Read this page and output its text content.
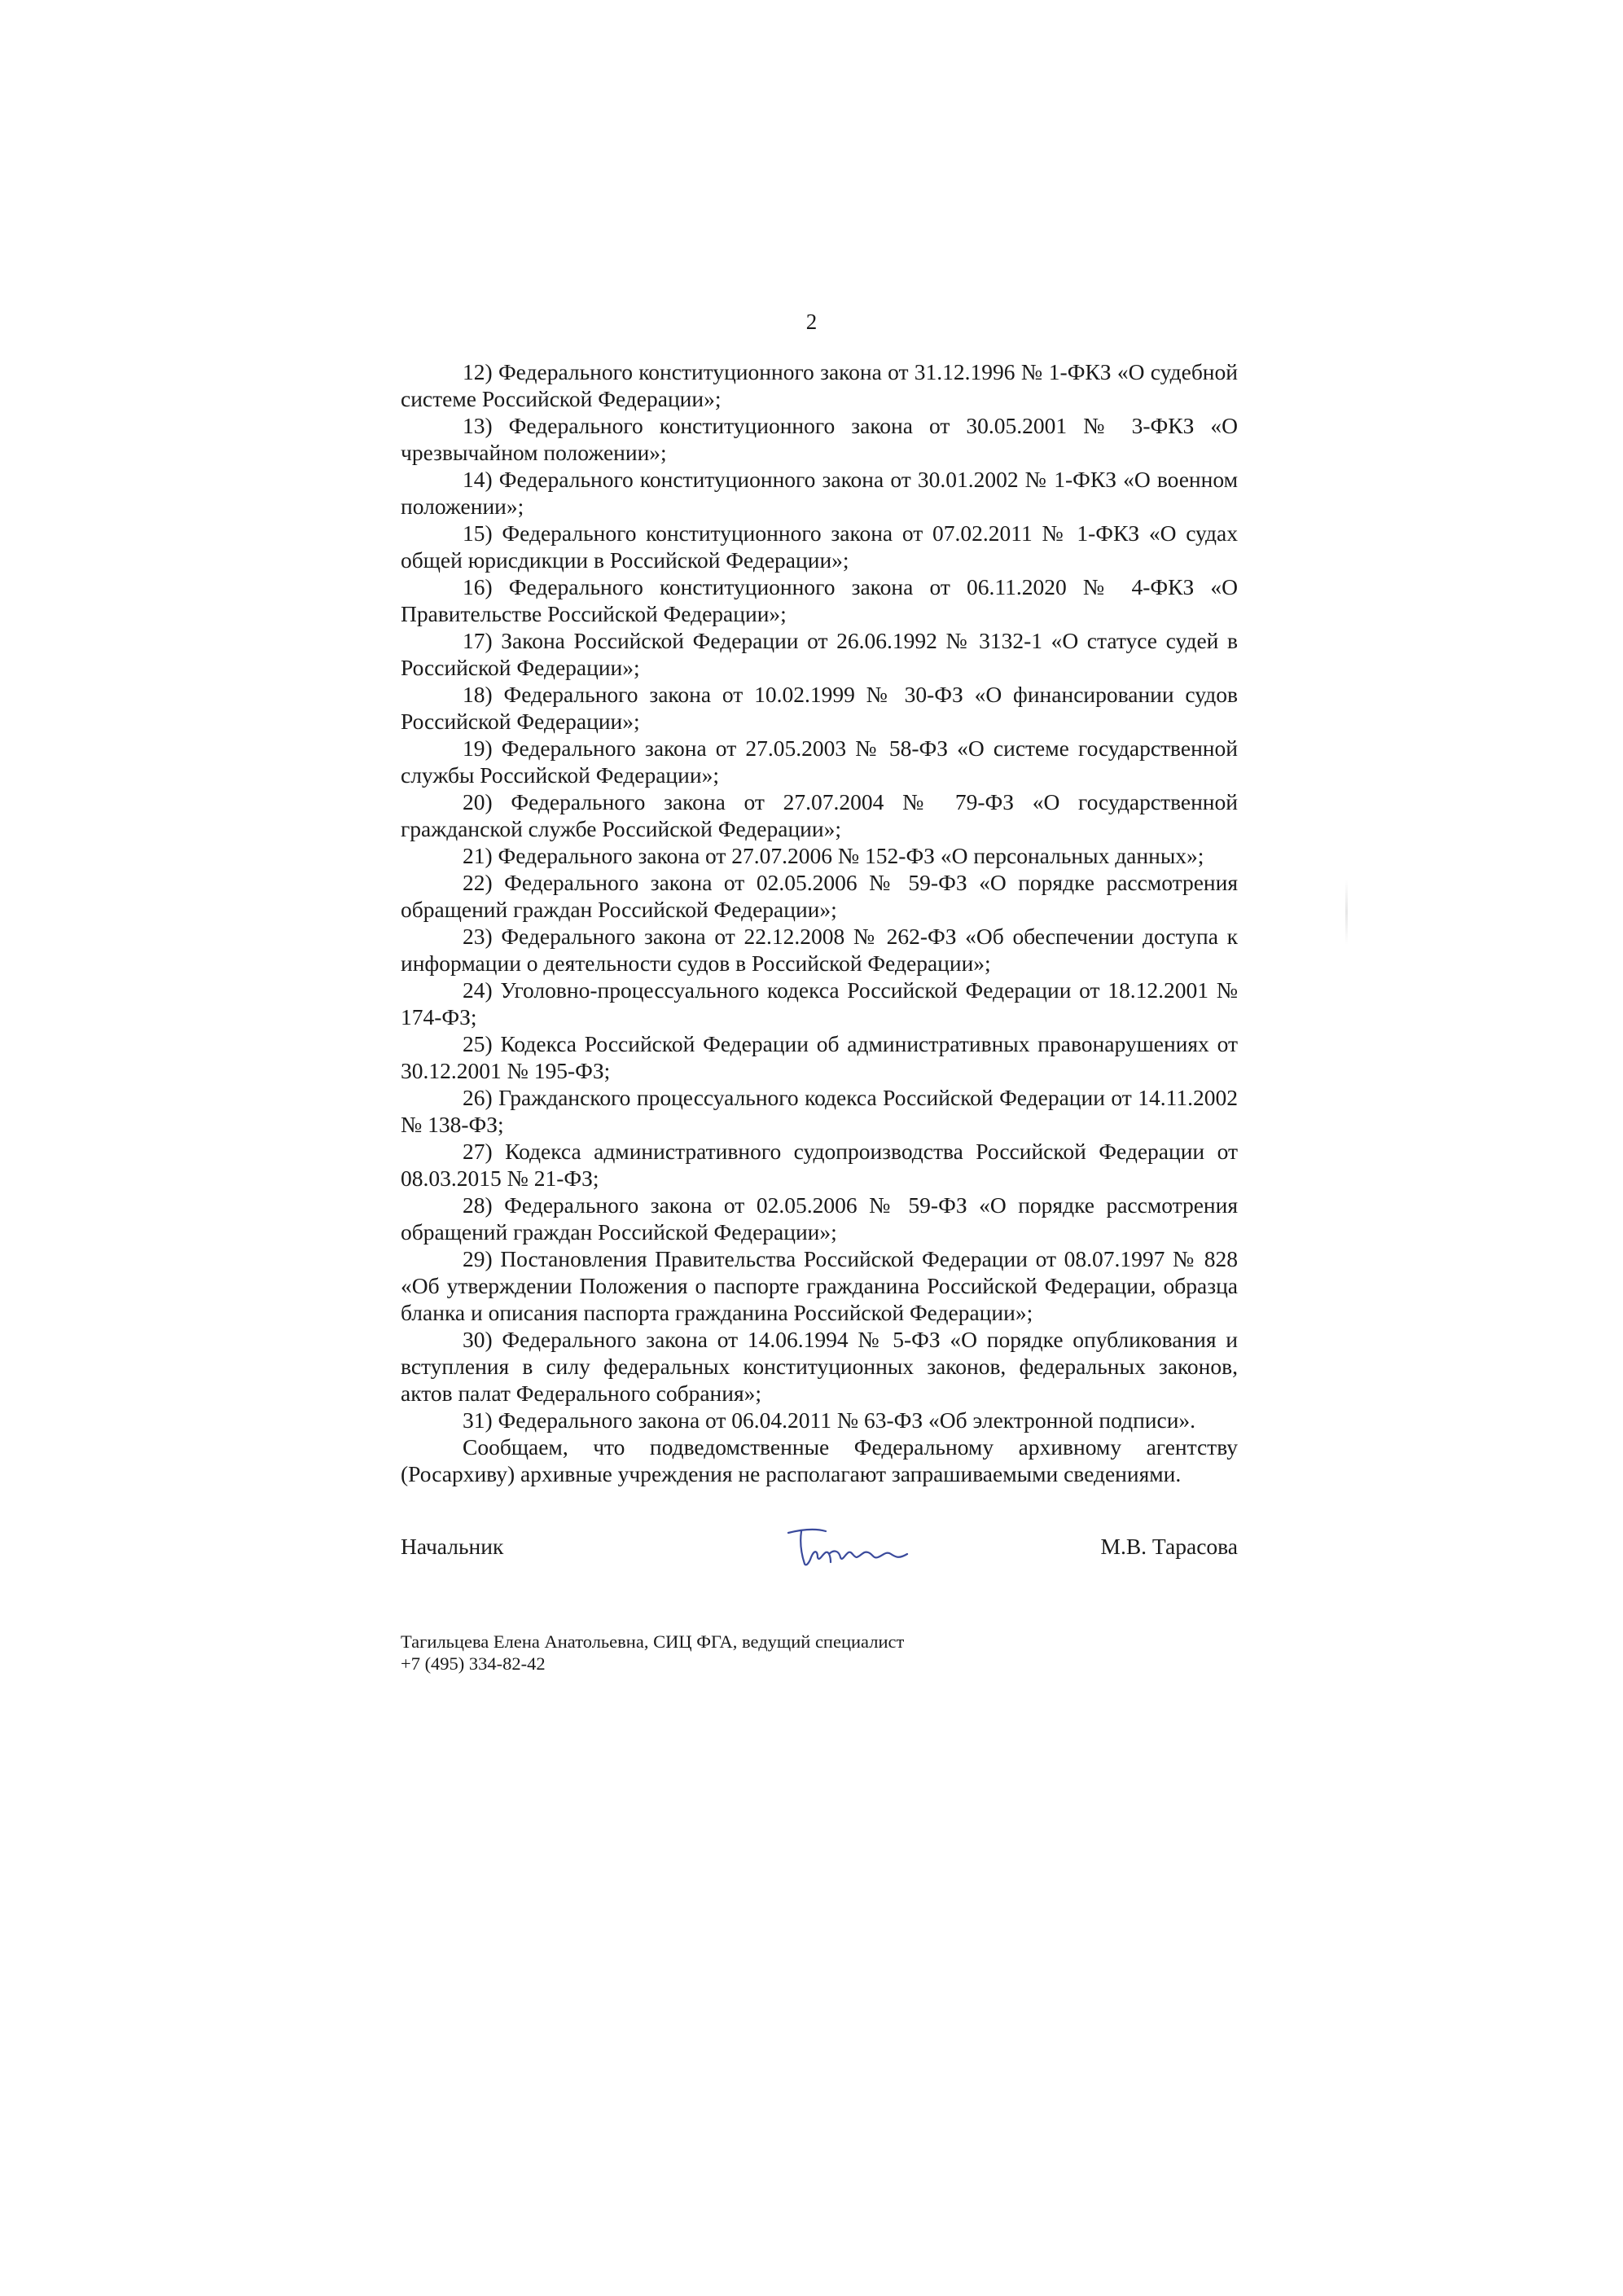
2

12) Федерального конституционного закона от 31.12.1996 № 1-ФКЗ «О судебной системе Российской Федерации»;

13) Федерального конституционного закона от 30.05.2001 № 3-ФКЗ «О чрезвычайном положении»;

14) Федерального конституционного закона от 30.01.2002 № 1-ФКЗ «О военном положении»;

15) Федерального конституционного закона от 07.02.2011 № 1-ФКЗ «О судах общей юрисдикции в Российской Федерации»;

16) Федерального конституционного закона от 06.11.2020 № 4-ФКЗ «О Правительстве Российской Федерации»;

17) Закона Российской Федерации от 26.06.1992 № 3132-1 «О статусе судей в Российской Федерации»;

18) Федерального закона от 10.02.1999 № 30-ФЗ «О финансировании судов Российской Федерации»;

19) Федерального закона от 27.05.2003 № 58-ФЗ «О системе государственной службы Российской Федерации»;

20) Федерального закона от 27.07.2004 № 79-ФЗ «О государственной гражданской службе Российской Федерации»;

21) Федерального закона от 27.07.2006 № 152-ФЗ «О персональных данных»;

22) Федерального закона от 02.05.2006 № 59-ФЗ «О порядке рассмотрения обращений граждан Российской Федерации»;

23) Федерального закона от 22.12.2008 № 262-ФЗ «Об обеспечении доступа к информации о деятельности судов в Российской Федерации»;

24) Уголовно-процессуального кодекса Российской Федерации от 18.12.2001 № 174-ФЗ;

25) Кодекса Российской Федерации об административных правонарушениях от 30.12.2001 № 195-ФЗ;

26) Гражданского процессуального кодекса Российской Федерации от 14.11.2002 № 138-ФЗ;

27) Кодекса административного судопроизводства Российской Федерации от 08.03.2015 № 21-ФЗ;

28) Федерального закона от 02.05.2006 № 59-ФЗ «О порядке рассмотрения обращений граждан Российской Федерации»;

29) Постановления Правительства Российской Федерации от 08.07.1997 № 828 «Об утверждении Положения о паспорте гражданина Российской Федерации, образца бланка и описания паспорта гражданина Российской Федерации»;

30) Федерального закона от 14.06.1994 № 5-ФЗ «О порядке опубликования и вступления в силу федеральных конституционных законов, федеральных законов, актов палат Федерального собрания»;

31) Федерального закона от 06.04.2011 № 63-ФЗ «Об электронной подписи».

Сообщаем, что подведомственные Федеральному архивному агентству (Росархиву) архивные учреждения не располагают запрашиваемыми сведениями.

Начальник	М.В. Тарасова

Тагильцева Елена Анатольевна, СИЦ ФГА, ведущий специалист

+7 (495) 334-82-42
